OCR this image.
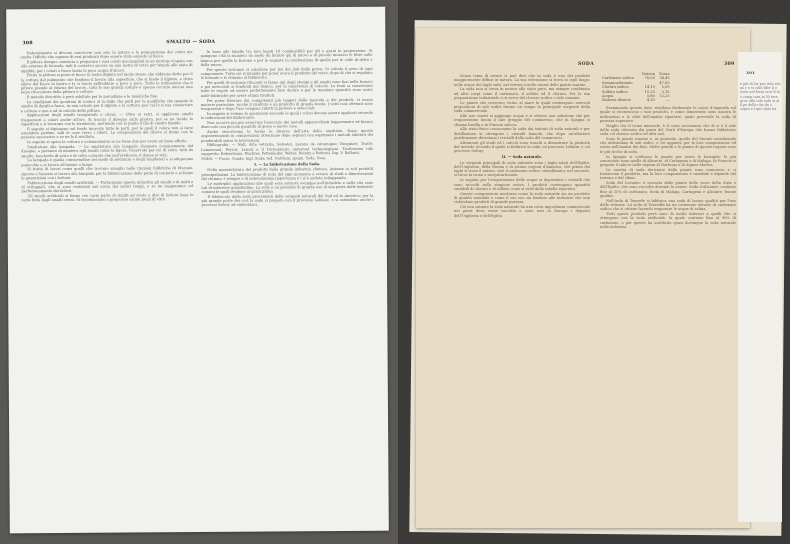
308	SMALTO — SODA

Naturalmente si devono conoscere non solo la natura e la preparazione dei colori ma anche l'effetto che ognuno di essi produrrà dopo essere stato esposto al fuoco.

Il pittore dunque comincia a preparare i suoi colori macinandoli in un mortaio d'agata con alle essenza di lavanda, indi li conserva ancora su una lastra di vetro per tenerli allo stato di umidità; per i colori a fuoco basta la poca acqua d'alcool.

Finita la pittura si pone al fuoco la lastra dipinta nel modo stesso che abbiamo detto per il la cottura del pulimento che fondono il lavoro alla superficie, che si fonde il dipinto, e ritira allora dal fuoco la lastra e la si lascia raffreddare a poco a poco. Tutte le indicazioni che il pittore prende al ritorno del lavoro, tutti le sue grandi cotture e spesso occorre ancora una terza ritoccatura della pittura e cotture.

Il metodo descritto è però adottato per le porcellane e le maioliche fine.

Le condizioni dei quadroni di scoloci al la dalle che perfi per la qualifiche che quando le smalto di dargli a fuoco, in non calcolo per il dipinto e la cottura: per cui lo si usa conservare e cotture e non e ad in calcolo della pittura.

Applicazioni degli smalti trasparenti e chiari. — Oltre ai vetri, si applicano smalti trasparenti a colori anche all'oro. Si traccia il disegno sulla piastra, poi se ne incide la superficie e si lavorano con lo strumento, mettendo con la punta il filo di smalto liquido.

Il seguito si dipingono sul fondo incavato tutte le parti, per le quali il colore non si deve estendere perfino, indi le cose verso i rilievi. Le composizioni del rilievo si fanno con le passate successive e se ne fa il risultato.

In seguito si opera la cottura e comunemente se ne tiene due per avere un buon effetto.

Smaltatura alla lampada. — La smaltatura alla lampada chiamata comunemente del disegno, e pertanto di maniera agli smalti come le figure. Osservate per ciò di vetro, tutti da smalto, bacchette di vetro e di vetro colorato che nell'oreficeria si danno ai tubi.

La lampada è quella consuetudine nel modo di soldatura e degli smaltatori e si adoperano parecchie e si lavora all'azione a lungo.

Si tratta di lavori come quelli che trovano smaglio nelle riunioni fabbriche di Murano. Ancora a Venezia si lavora alla lampada per la fabbricazione delle perle di conteria e si fanno le guarnizioni con i bottoni.

Fabbricazione degli smalti artificiali. — Partecipano questa industria gli smalti e di molti e di sviluppati, che si sono realizzati nel corso dei nostri tempi, e se ne reggeranno col perfezionamento dei fattori.

Gli smalti artificiali si fanno con varie parte di smalti ed avuto a dire di fattore base le varie tinte degli smalti stessi. Si incominciano a preparare alcuni pezzi di vitro.

In base alle tabelle tra loro legati 16 combustibili per gli e grani la proporzione. Si spingono i fili in maniera da modo da fornire qui di nuovo e di piccolo mosaico le fibre sulla bianca per quelle la fusione e per le segnate in combustione di quello per le colle di detto e della nuova.

Per queste sostanze si calcolano per poi dai dati delle prove. Si calcola il peso di ogni componente. Tutto ciò si intende per poter avere il prodotto del vetro; dopo di che si regolano le formule e lo stimano al fabbricato.

Per quelli di sostanze rilucenti si fanno qui degli stampi e gli smalti sono fusi nelle fornaci e poi mescolati ai fondenti del bianco, per la esperienza di calcolo. Le fonti si conservano tutte le regole ad essere perfettamente fuse dentro e per le massime quantità sono usate nelle fabbriche per avere ottimi risultati.

Per poter liberare dai componenti più leggeri delle mescole e dei prodotti, si usano materie purissime, sicché il risultato è un prodotto di grande bontà. I vetri così ottenuti sono trasparenti e dopo l'uso vengono ridotti in polvere e setacciati.

In seguito si vedono le operazioni secondo le quali i colori devono essere applicati secondo le indicazioni del fabbricante.

Non occorre poi più osservare l'esercizio dei metalli apparecchiati leggermente ed bianco diseccato con piccola quantità di gesso e nuove cose.

Anche descrivemo le forme le diverse dell'arte dello smaltista. Dopo queste argomentazioni in composizioni attenzione dopo seguaci con esprimere i metodi adottati dei ponderabili senza le lavorazioni.

Bibliografia. — Nati, Arte vetraria; Salvetat, Leçons de céramique; Brogniart, Traité; Lamarraud, Peyrat, Lenoir e il Dictionnaire universel technologique. Trattazione tale suggerita: Rebouleaux, Wachter, Pettenkofer, Walter, Reinitz e Pedroni. Ing. V. Belfanti.

SODA. — Franc. Soude; ingl. Soda; ted. Natrium; spagn. Soda, Sosa.

I. — La fabbricazione della Soda.

Nella nomenclatura del prodotti della grande industria chimica, insieme ai soli prodotti principalissimi. La fabbricazione di soda del ogni momento è ovvero di studi e dimostrazioni del chimico è sempre e di notevolissima importanza e i si è andata sviluppando.

Le molteplici applicazioni alle quali essa sottostà ovunque nell'industria e nella vita sono tali di interesse grandissimo. La soda è un prodotto di grande uso di una parte delle industrie comuni le quali rendono ai gradi prima.

Il fabbricato dalla soda provenienti dalle sorgenti naturali del Sud ed in America; per la più grande parte dei casi la soda si prepara con il processo Leblanc, e si estendono anche i processi Solvay ad ammoniaca.

SODA	309

Senza tema di errare si può dire che la soda è uno dei prodotti maggiormente diffusi in natura. La sua estensione si trova in ogni luogo: nelle acque dei laghi salsi, nei terreni e nelle ceneri delle piante marine.

La soda non si trova in natura allo stato puro, ma sempre combinata ad altri corpi come il carbonato, il solfato ed il cloruro. Per la sua preparazione industriale ci si serve del cloruro sodico o sale comune.

Le piante che crescono vicino al mare le quali contengono notevoli proporzioni di sali sodici furono un tempo la principale sorgente della soda commerciale.

Alle sue ceneri si aggiunge acqua e si ottiene una soluzione che per evaporazione lascia il sale greggio del commercio, che in Spagna si chiama barilla e in Francia salicor.

Allo stato fisico conosciamo la soda dai trattati di soda naturali e per distillazione si ottengono i cristalli bianchi, che dopo un'ulteriore purificazione diventano i cristalli della soda del commercio.

Altrimenti gli studi ed i calcoli sono riusciti a dimostrare la praticità del metodo secondo il quale si fabbrica la soda col processo Leblanc e col processo Solvay.

II. — Soda naturale.

Le sorgenti principali di soda naturale sono i laghi salati dell'Egitto, dell'Ungheria, della Russia e di alcune regioni d'America. Nel primo dei laghi si trova il natron, cioè il carbonato sodico cristallizzato; nel secondo, si trova la trona o sesquicarbonato.

In seguito per l'evaporazione delle acque si depositano i cristalli che sono raccolti nella stagione estiva. I prodotti contengono quantità variabili di cloruro e di solfato come si vede dalla tabella riportata.

Queste composizioni mostrano come la soda naturale sia un prodotto di qualità variabile e come il suo uso sia limitato alle industrie che non richiedono prodotti di grande purezza.

Ciò non ostante la soda naturale ha una certa importanza commerciale nei paesi dove viene raccolta e sono noti in Europa i depositi dell'Ungheria e dell'Egitto.

		Natron	Trona
Carbonato sodico		76,00	34,45
Sesquicarbonato			47,85
Cloruro sodico		14,19	5,09
Solfato sodico		10,25	3,15
Acqua		0,80	12,25
Materie diverse		4,35	—

Esaminando questo dato, risultano facilmente le cause d'impurità sul quale si riconoscono i suoi prodotti, e come dimostrato sono ancora le indicazioni e le cifre dell'analisi riportate, quale provvede la soda di purezza superiore.

Moglie che il trono minerale, è il corso necessaria che di si è il sale della soda ottenuta dai paesi del Nord d'Europa che hanno fabbricato soda col cloruro sodico ed altri sali.

Sono le piante marine e, in generale, quelle del litorale meridionale che abbondano di sali sodici, e ciò appunto per la loro composizione ed esiste nell'analisi dei fiori. Molte grandi e le piante di queste regioni sono le più ricche di soda.

In Spagna si coltivano le piante per avere le barriglie: le più conosciute sono quelle di Alicante, di Cartagena e di Malaga. In Francia si prepara il salicor nelle regioni di Narbona e di Aigues-Mortes.

Le varietà di soda derivante dalla pianta sono numerose e ci forniscono il prodotto, ma la loro composizione è variabile e dipende dal terreno e dal clima.

Soda del Levante: è ricavata dalle piante delle coste della Siria e dell'Egitto, che sono raccolte durante la estate. Soda d'Alicante: contiene fino al 35% di carbonato; Soda di Malaga, Cartagena e Alicante: buone qualità.

Nell'isola di Tenerife si fabbrica una soda di buona qualità per l'uso delle vetrerie. La soda di Teneriffa ha un contenuto elevato di carbonato sodico che si ottiene facendo evaporare le acque di salina.

Tutti questi prodotti però sono di molto inferiori a quelli che si ottengono con la soda artificiale, la quale contiene fino al 98% di carbonato, e per questo ha sostituito quasi dovunque la soda naturale nella industria.

301
e più di lor pro ridu stic no r e vi cilin lifer il e tutto nel form scor E to s comp com in Ni tere prov alla colo solu si al il pr delle che da s sopra a f que dato ba
